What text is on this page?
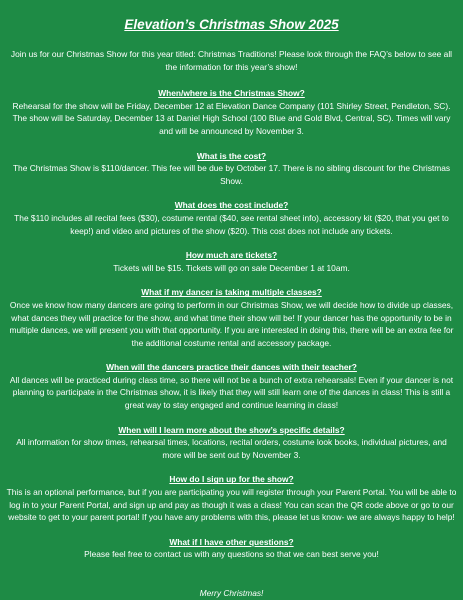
Elevation’s Christmas Show 2025

Join us for our Christmas Show for this year titled: Christmas Traditions! Please look through the FAQ’s below to see all the information for this year’s show!

When/where is the Christmas Show?

Rehearsal for the show will be Friday, December 12 at Elevation Dance Company (101 Shirley Street, Pendleton, SC). The show will be Saturday, December 13 at Daniel High School (100 Blue and Gold Blvd, Central, SC). Times will vary and will be announced by November 3.

What is the cost?

The Christmas Show is $110/dancer. This fee will be due by October 17. There is no sibling discount for the Christmas Show.

What does the cost include?

The $110 includes all recital fees ($30), costume rental ($40, see rental sheet info), accessory kit ($20, that you get to keep!) and video and pictures of the show ($20). This cost does not include any tickets.

How much are tickets?

Tickets will be $15. Tickets will go on sale December 1 at 10am.

What if my dancer is taking multiple classes?

Once we know how many dancers are going to perform in our Christmas Show, we will decide how to divide up classes, what dances they will practice for the show, and what time their show will be! If your dancer has the opportunity to be in multiple dances, we will present you with that opportunity. If you are interested in doing this, there will be an extra fee for the additional costume rental and accessory package.

When will the dancers practice their dances with their teacher?

All dances will be practiced during class time, so there will not be a bunch of extra rehearsals! Even if your dancer is not planning to participate in the Christmas show, it is likely that they will still learn one of the dances in class! This is still a great way to stay engaged and continue learning in class!

When will I learn more about the show’s specific details?

All information for show times, rehearsal times, locations, recital orders, costume look books, individual pictures, and more will be sent out by November 3.

How do I sign up for the show?

This is an optional performance, but if you are participating you will register through your Parent Portal. You will be able to log in to your Parent Portal, and sign up and pay as though it was a class! You can scan the QR code above or go to our website to get to your parent portal! If you have any problems with this, please let us know- we are always happy to help!

What if I have other questions?

Please feel free to contact us with any questions so that we can best serve you!

Merry Christmas!
